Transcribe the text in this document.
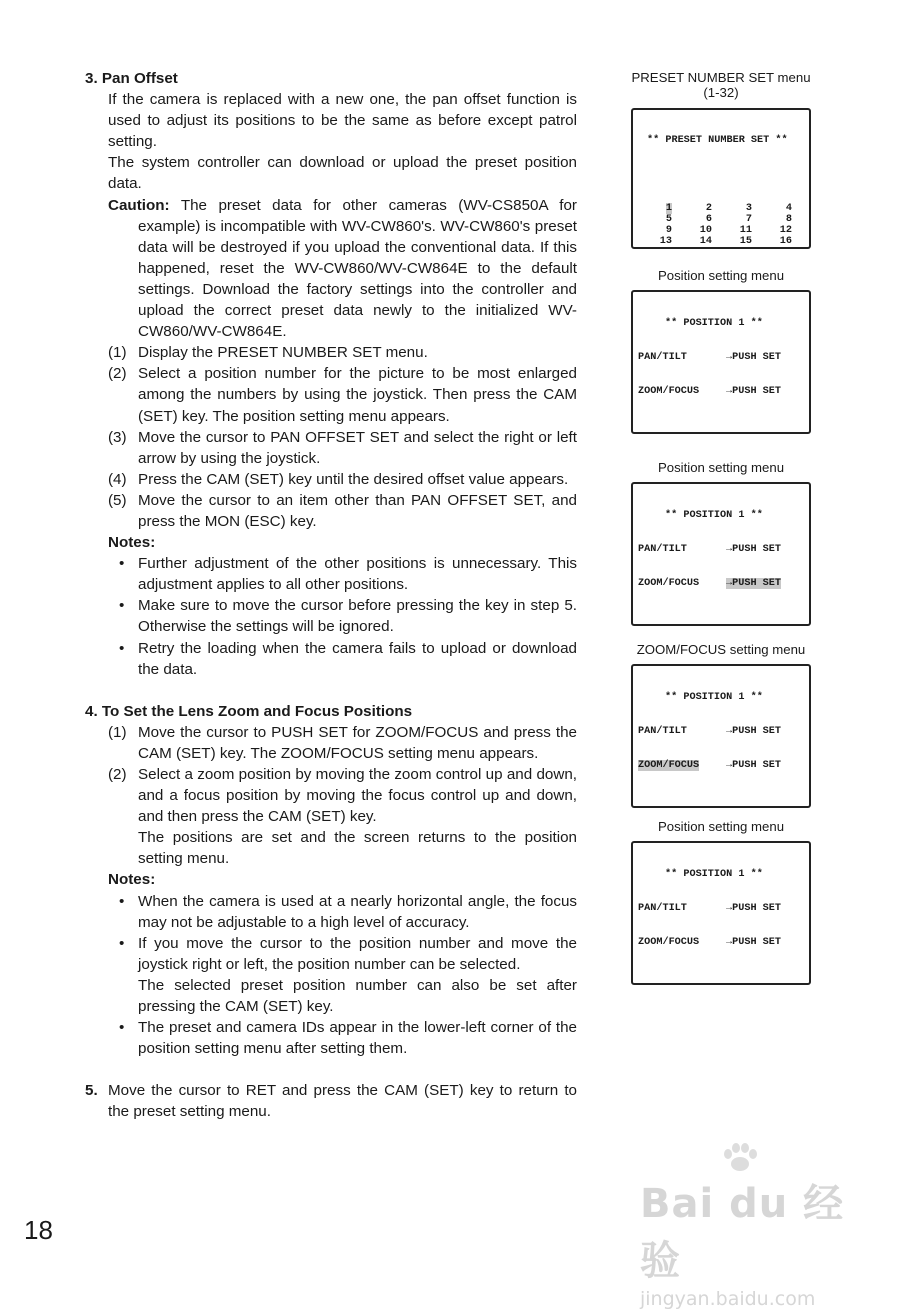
3. Pan Offset

If the camera is replaced with a new one, the pan offset function is used to adjust its positions to be the same as before except patrol setting.

The system controller can download or upload the preset position data.

Caution: The preset data for other cameras (WV-CS850A for example) is incompatible with WV-CW860's. WV-CW860's preset data will be destroyed if you upload the conventional data. If this happened, reset the WV-CW860/WV-CW864E to the default settings. Download the factory settings into the controller and upload the correct preset data newly to the initialized WV-CW860/WV-CW864E.

(1) Display the PRESET NUMBER SET menu.
(2) Select a position number for the picture to be most enlarged among the numbers by using the joystick. Then press the CAM (SET) key. The position setting menu appears.
(3) Move the cursor to PAN OFFSET SET and select the right or left arrow by using the joystick.
(4) Press the CAM (SET) key until the desired offset value appears.
(5) Move the cursor to an item other than PAN OFFSET SET, and press the MON (ESC) key.

Notes:

• Further adjustment of the other positions is unnecessary. This adjustment applies to all other positions.
• Make sure to move the cursor before pressing the key in step 5. Otherwise the settings will be ignored.
• Retry the loading when the camera fails to upload or download the data.

4. To Set the Lens Zoom and Focus Positions

(1) Move the cursor to PUSH SET for ZOOM/FOCUS and press the CAM (SET) key. The ZOOM/FOCUS setting menu appears.
(2) Select a zoom position by moving the zoom control up and down, and a focus position by moving the focus control up and down, and then press the CAM (SET) key.

The positions are set and the screen returns to the position setting menu.

Notes:

• When the camera is used at a nearly horizontal angle, the focus may not be adjustable to a high level of accuracy.
• If you move the cursor to the position number and move the joystick right or left, the position number can be selected.

The selected preset position number can also be set after pressing the CAM (SET) key.

• The preset and camera IDs appear in the lower-left corner of the position setting menu after setting them.
5. Move the cursor to RET and press the CAM (SET) key to return to the preset setting menu.
PRESET NUMBER SET menu
(1-32)

** PRESET NUMBER SET **

1	2	3	4
5	6	7	8
9	10	11	12
13	14	15	16

Position setting menu

** POSITION 1 **

PAN/TILT	→PUSH SET

ZOOM/FOCUS	→PUSH SET

Position setting menu

** POSITION 1 **

PAN/TILT	→PUSH SET

ZOOM/FOCUS	→PUSH SET

ZOOM/FOCUS setting menu

** POSITION 1 **

PAN/TILT	→PUSH SET

ZOOM/FOCUS	→PUSH SET

Position setting menu

** POSITION 1 **

PAN/TILT	→PUSH SET

ZOOM/FOCUS	→PUSH SET

18
Bai du 经验
jingyan.baidu.com
